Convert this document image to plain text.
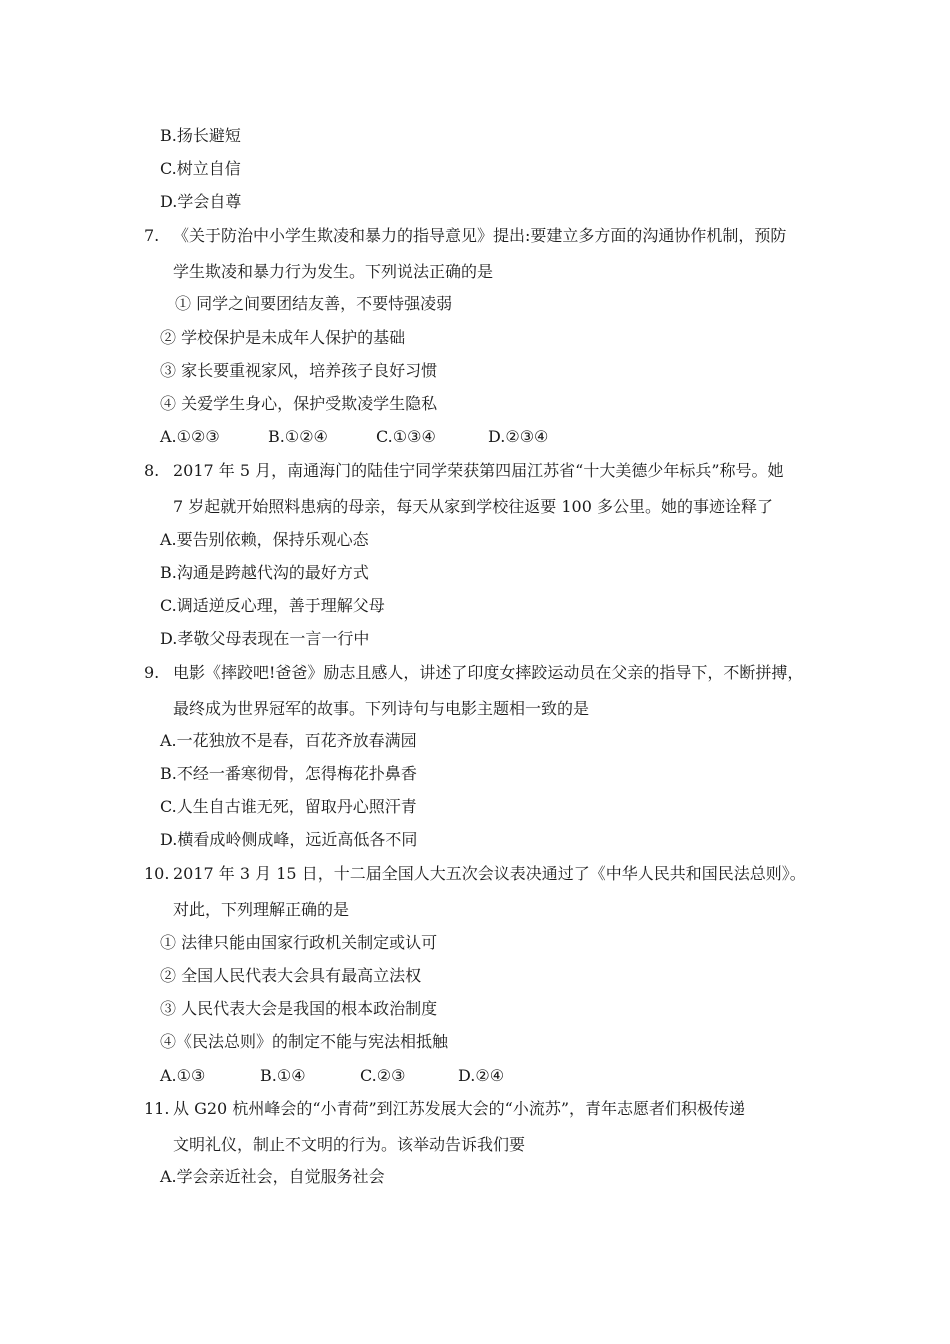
B.扬长避短
C.树立自信
D.学会自尊
7. 《关于防治中小学生欺凌和暴力的指导意见》提出:要建立多方面的沟通协作机制，预防
学生欺凌和暴力行为发生。下列说法正确的是
① 同学之间要团结友善，不要恃强凌弱
② 学校保护是未成年人保护的基础
③ 家长要重视家风，培养孩子良好习惯
④ 关爱学生身心，保护受欺凌学生隐私
A.①②③	B.①②④	C.①③④	D.②③④
8. 2017 年 5 月，南通海门的陆佳宁同学荣获第四届江苏省“十大美德少年标兵”称号。她
7 岁起就开始照料患病的母亲，每天从家到学校往返要 100 多公里。她的事迹诠释了
A.要告别依赖，保持乐观心态
B.沟通是跨越代沟的最好方式
C.调适逆反心理，善于理解父母
D.孝敬父母表现在一言一行中
9. 电影《摔跤吧!爸爸》励志且感人，讲述了印度女摔跤运动员在父亲的指导下，不断拼搏，
最终成为世界冠军的故事。下列诗句与电影主题相一致的是
A.一花独放不是春，百花齐放春满园
B.不经一番寒彻骨，怎得梅花扑鼻香
C.人生自古谁无死，留取丹心照汗青
D.横看成岭侧成峰，远近高低各不同
10. 2017 年 3 月 15 日，十二届全国人大五次会议表决通过了《中华人民共和国民法总则》。
对此，下列理解正确的是
① 法律只能由国家行政机关制定或认可
② 全国人民代表大会具有最高立法权
③ 人民代表大会是我国的根本政治制度
④《民法总则》的制定不能与宪法相抵触
A.①③	B.①④	C.②③	D.②④
11. 从 G20 杭州峰会的“小青荷”到江苏发展大会的“小流苏”，青年志愿者们积极传递
文明礼仪，制止不文明的行为。该举动告诉我们要
A.学会亲近社会，自觉服务社会
